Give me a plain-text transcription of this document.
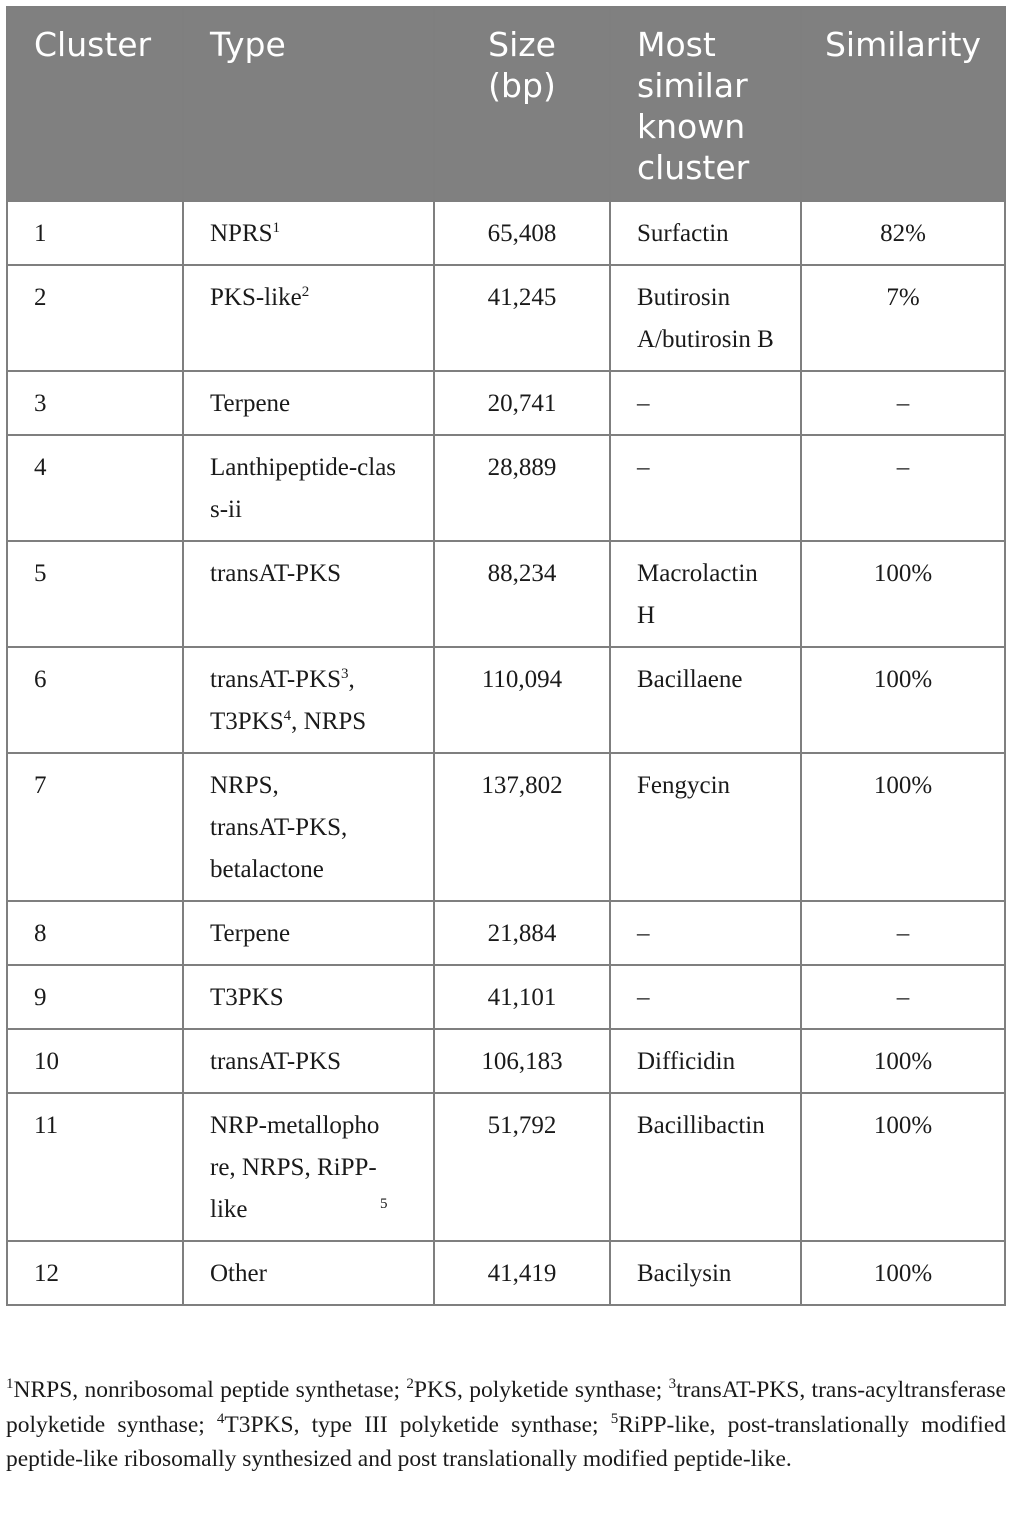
Cluster	Type	Size (bp)	Most similar known cluster	Similarity
1	NPRS$^1$	65,408	Surfactin	82%
2	PKS-like$^2$	41,245	Butirosin A/butirosin B	7%
3	Terpene	20,741	–	–
4	Lanthipeptide-class-ii	28,889	–	–
5	transAT-PKS	88,234	Macrolactin H	100%
6	transAT-PKS$^3$, T3PKS$^4$, NRPS	110,094	Bacillaene	100%
7	NRPS, transAT-PKS, betalactone	137,802	Fengycin	100%
8	Terpene	21,884	–	–
9	T3PKS	41,101	–	–
10	transAT-PKS	106,183	Difficidin	100%
11	NRP-metallophore, NRPS, RiPP-like $^5$	51,792	Bacillibactin	100%
12	Other	41,419	Bacilysin	100%

$^1$NRPS, nonribosomal peptide synthetase; $^2$PKS, polyketide synthase; $^3$transAT-PKS, trans-acyltransferase polyketide synthase; $^4$T3PKS, type III polyketide synthase; $^5$RiPP-like, post-translationally modified peptide-like ribosomally synthesized and post translationally modified peptide-like.
